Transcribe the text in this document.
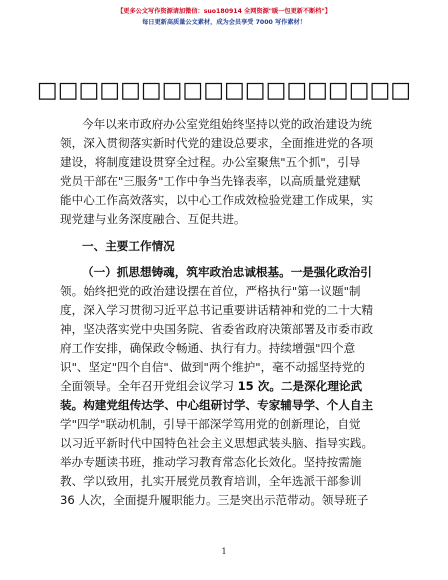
【更多公文写作资源请加微信：suo180914 全网资源"暖一包更新不断档"】
每日更新高质量公文素材，成为会员享受 7000 写作素材！
□□□□□□□□□□□□□□□□□□
今年以来市政府办公室党组始终坚持以党的政治建设为统
领，深入贯彻落实新时代党的建设总要求，全面推进党的各项
建设，将制度建设贯穿全过程。办公室聚焦"五个抓"，引导
党员干部在"三服务"工作中争当先锋表率，以高质量党建赋
能中心工作高效落实，以中心工作成效检验党建工作成果，实
现党建与业务深度融合、互促共进。
一、主要工作情况
（一）抓思想铸魂，筑牢政治忠诚根基。一是强化政治引
领。始终把党的政治建设摆在首位，严格执行"第一议题"制
度，深入学习贯彻习近平总书记重要讲话精神和党的二十大精
神，坚决落实党中央国务院、省委省政府决策部署及市委市政
府工作安排，确保政令畅通、执行有力。持续增强"四个意
识"、坚定"四个自信"、做到"两个维护"，毫不动摇坚持党的
全面领导。全年召开党组会议学习 15 次。二是深化理论武
装。构建党组传达学、中心组研讨学、专家辅导学、个人自主
学"四学"联动机制，引导干部深学笃用党的创新理论，自觉
以习近平新时代中国特色社会主义思想武装头脑、指导实践。
举办专题读书班，推动学习教育常态化长效化。坚持按需施
教、学以致用，扎实开展党员教育培训，全年选派干部参训
36 人次，全面提升履职能力。三是突出示范带动。领导班子
1
